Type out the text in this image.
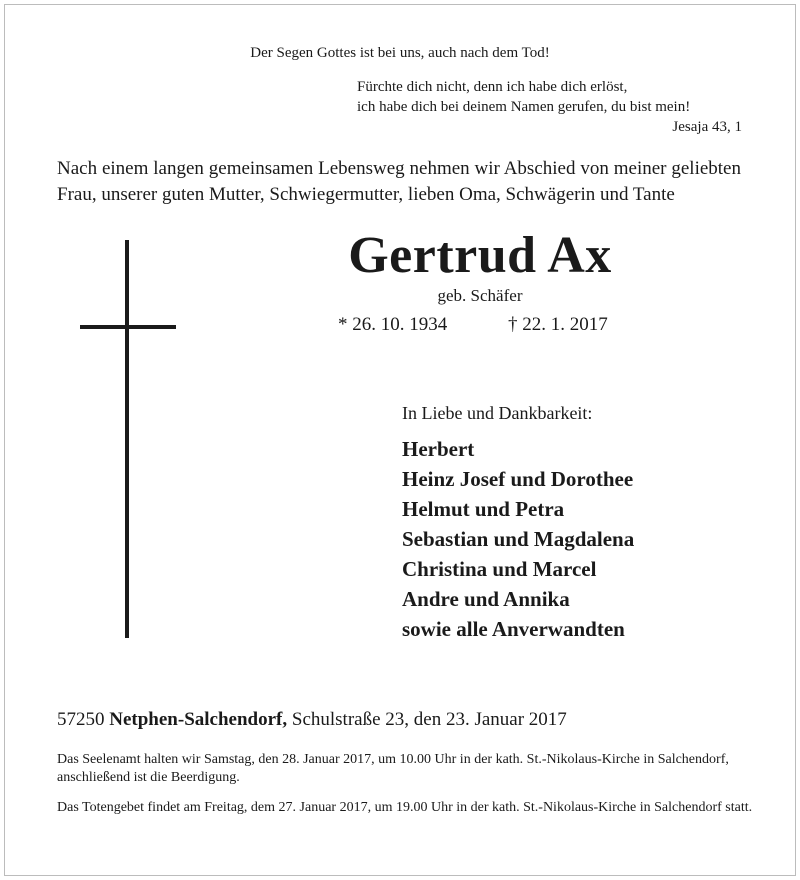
Der Segen Gottes ist bei uns, auch nach dem Tod!
Fürchte dich nicht, denn ich habe dich erlöst,
ich habe dich bei deinem Namen gerufen, du bist mein!
Jesaja 43, 1
Nach einem langen gemeinsamen Lebensweg nehmen wir Abschied von meiner geliebten Frau, unserer guten Mutter, Schwiegermutter, lieben Oma, Schwägerin und Tante
Gertrud Ax
geb. Schäfer
* 26. 10. 1934	† 22. 1. 2017
In Liebe und Dankbarkeit:
Herbert
Heinz Josef und Dorothee
Helmut und Petra
Sebastian und Magdalena
Christina und Marcel
Andre und Annika
sowie alle Anverwandten
57250 Netphen-Salchendorf, Schulstraße 23, den 23. Januar 2017
Das Seelenamt halten wir Samstag, den 28. Januar 2017, um 10.00 Uhr in der kath. St.-Nikolaus-Kirche in Salchendorf, anschließend ist die Beerdigung.
Das Totengebet findet am Freitag, dem 27. Januar 2017, um 19.00 Uhr in der kath. St.-Nikolaus-Kirche in Salchendorf statt.
